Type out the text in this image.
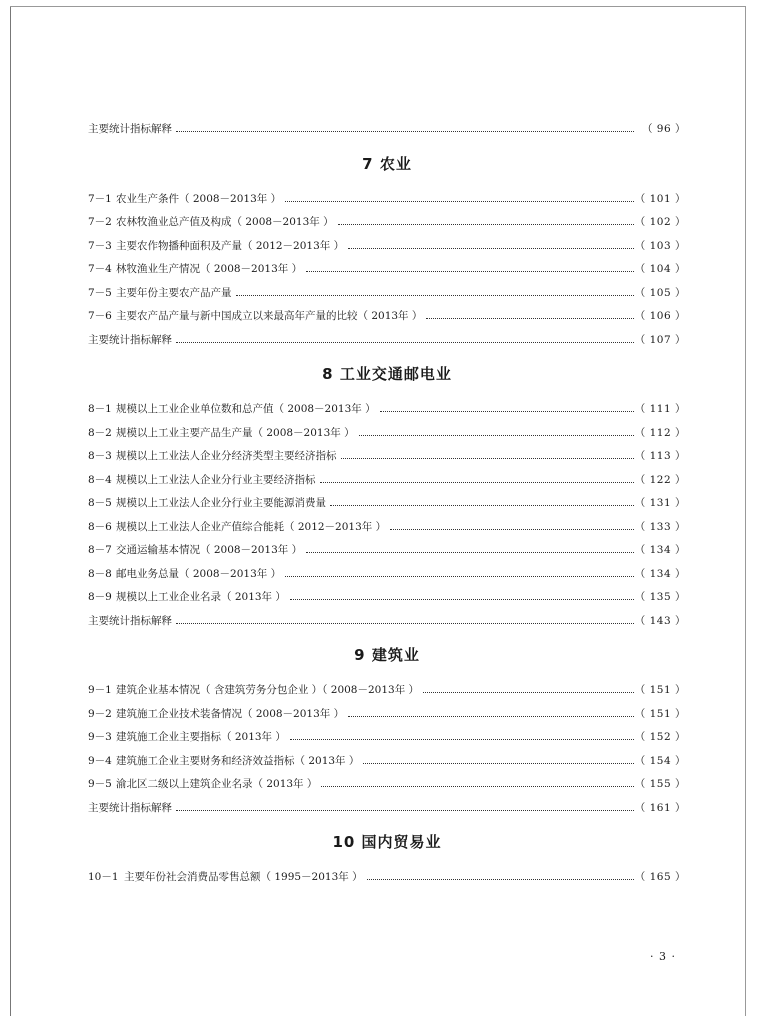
主要统计指标解释	（ 96 ）
7 农业
7－1 农业生产条件（ 2008－2013年 ）	（ 101 ）
7－2 农林牧渔业总产值及构成（ 2008－2013年 ）	（ 102 ）
7－3 主要农作物播种面积及产量（ 2012－2013年 ）	（ 103 ）
7－4 林牧渔业生产情况（ 2008－2013年 ）	（ 104 ）
7－5 主要年份主要农产品产量	（ 105 ）
7－6 主要农产品产量与新中国成立以来最高年产量的比较（ 2013年 ）	（ 106 ）
主要统计指标解释	（ 107 ）
8 工业交通邮电业
8－1 规模以上工业企业单位数和总产值（ 2008－2013年 ）	（ 111 ）
8－2 规模以上工业主要产品生产量（ 2008－2013年 ）	（ 112 ）
8－3 规模以上工业法人企业分经济类型主要经济指标	（ 113 ）
8－4 规模以上工业法人企业分行业主要经济指标	（ 122 ）
8－5 规模以上工业法人企业分行业主要能源消费量	（ 131 ）
8－6 规模以上工业法人企业产值综合能耗（ 2012－2013年 ）	（ 133 ）
8－7 交通运输基本情况（ 2008－2013年 ）	（ 134 ）
8－8 邮电业务总量（ 2008－2013年 ）	（ 134 ）
8－9 规模以上工业企业名录（ 2013年 ）	（ 135 ）
主要统计指标解释	（ 143 ）
9 建筑业
9－1 建筑企业基本情况（ 含建筑劳务分包企业 ）（ 2008－2013年 ）	（ 151 ）
9－2 建筑施工企业技术装备情况（ 2008－2013年 ）	（ 151 ）
9－3 建筑施工企业主要指标（ 2013年 ）	（ 152 ）
9－4 建筑施工企业主要财务和经济效益指标（ 2013年 ）	（ 154 ）
9－5 渝北区二级以上建筑企业名录（ 2013年 ）	（ 155 ）
主要统计指标解释	（ 161 ）
10 国内贸易业
10－1 主要年份社会消费品零售总额（ 1995－2013年 ）	（ 165 ）
· 3 ·
